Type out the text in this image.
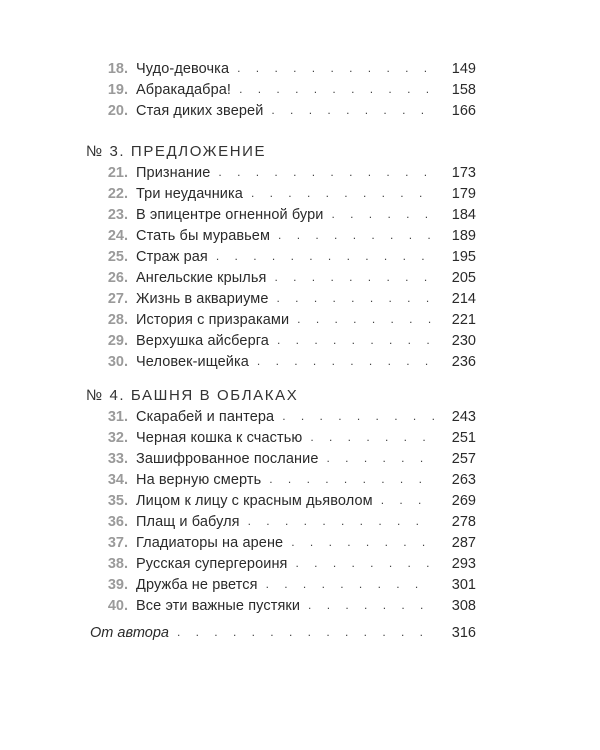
18 . Чудо-девочка . . .	149
19 . Абракадабра! . . .	158
20 . Стая диких зверей . . .	166
№ 3. ПРЕДЛОЖЕНИЕ
21 . Признание . . .	173
22 . Три неудачника . . .	179
23 . В эпицентре огненной бури . . .	184
24 . Стать бы муравьем . . .	189
25 . Страж рая . . .	195
26 . Ангельские крылья . . .	205
27 . Жизнь в аквариуме . . .	214
28 . История с призраками . . .	221
29 . Верхушка айсберга . . .	230
30 . Человек-ищейка . . .	236
№ 4. БАШНЯ В ОБЛАКАХ
31 . Скарабей и пантера . . .	243
32 . Черная кошка к счастью . . .	251
33 . Зашифрованное послание . . .	257
34 . На верную смерть . . .	263
35 . Лицом к лицу с красным дьяволом . . .	269
36 . Плащ и бабуля . . .	278
37 . Гладиаторы на арене . . .	287
38 . Русская супергероиня . . .	293
39 . Дружба не рвется . . .	301
40 . Все эти важные пустяки . . .	308
От автора . . .	316
